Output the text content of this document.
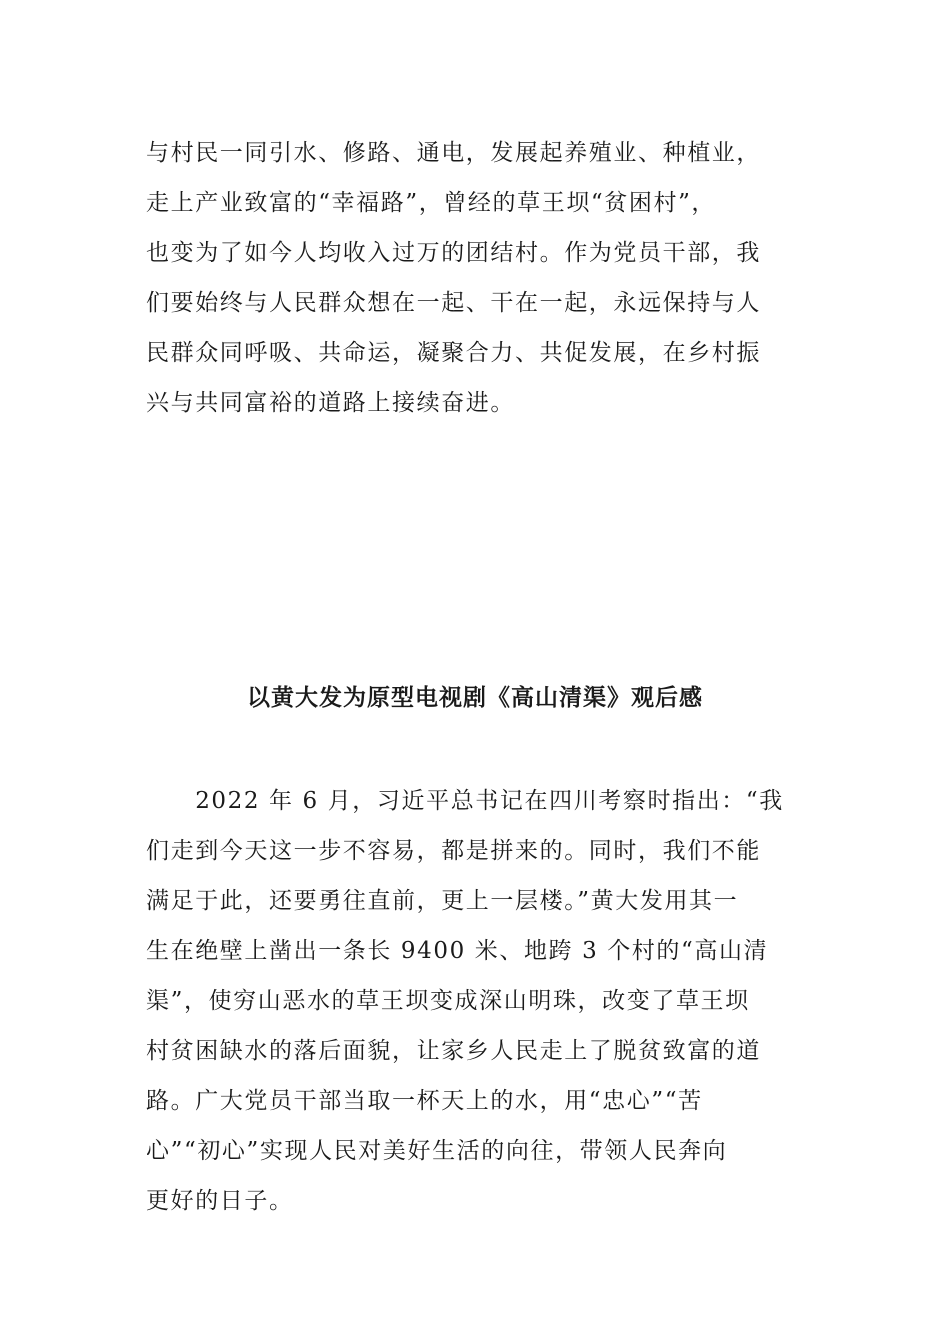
与村民一同引水、修路、通电，发展起养殖业、种植业，
走上产业致富的“幸福路”，曾经的草王坝“贫困村”，
也变为了如今人均收入过万的团结村。作为党员干部，我
们要始终与人民群众想在一起、干在一起，永远保持与人
民群众同呼吸、共命运，凝聚合力、共促发展，在乡村振
兴与共同富裕的道路上接续奋进。
以黄大发为原型电视剧《高山清渠》观后感
　　2022 年 6 月，习近平总书记在四川考察时指出：“我
们走到今天这一步不容易，都是拼来的。同时，我们不能
满足于此，还要勇往直前，更上一层楼。”黄大发用其一
生在绝壁上凿出一条长 9400 米、地跨 3 个村的“高山清
渠”，使穷山恶水的草王坝变成深山明珠，改变了草王坝
村贫困缺水的落后面貌，让家乡人民走上了脱贫致富的道
路。广大党员干部当取一杯天上的水，用“忠心”“苦
心”“初心”实现人民对美好生活的向往，带领人民奔向
更好的日子。
